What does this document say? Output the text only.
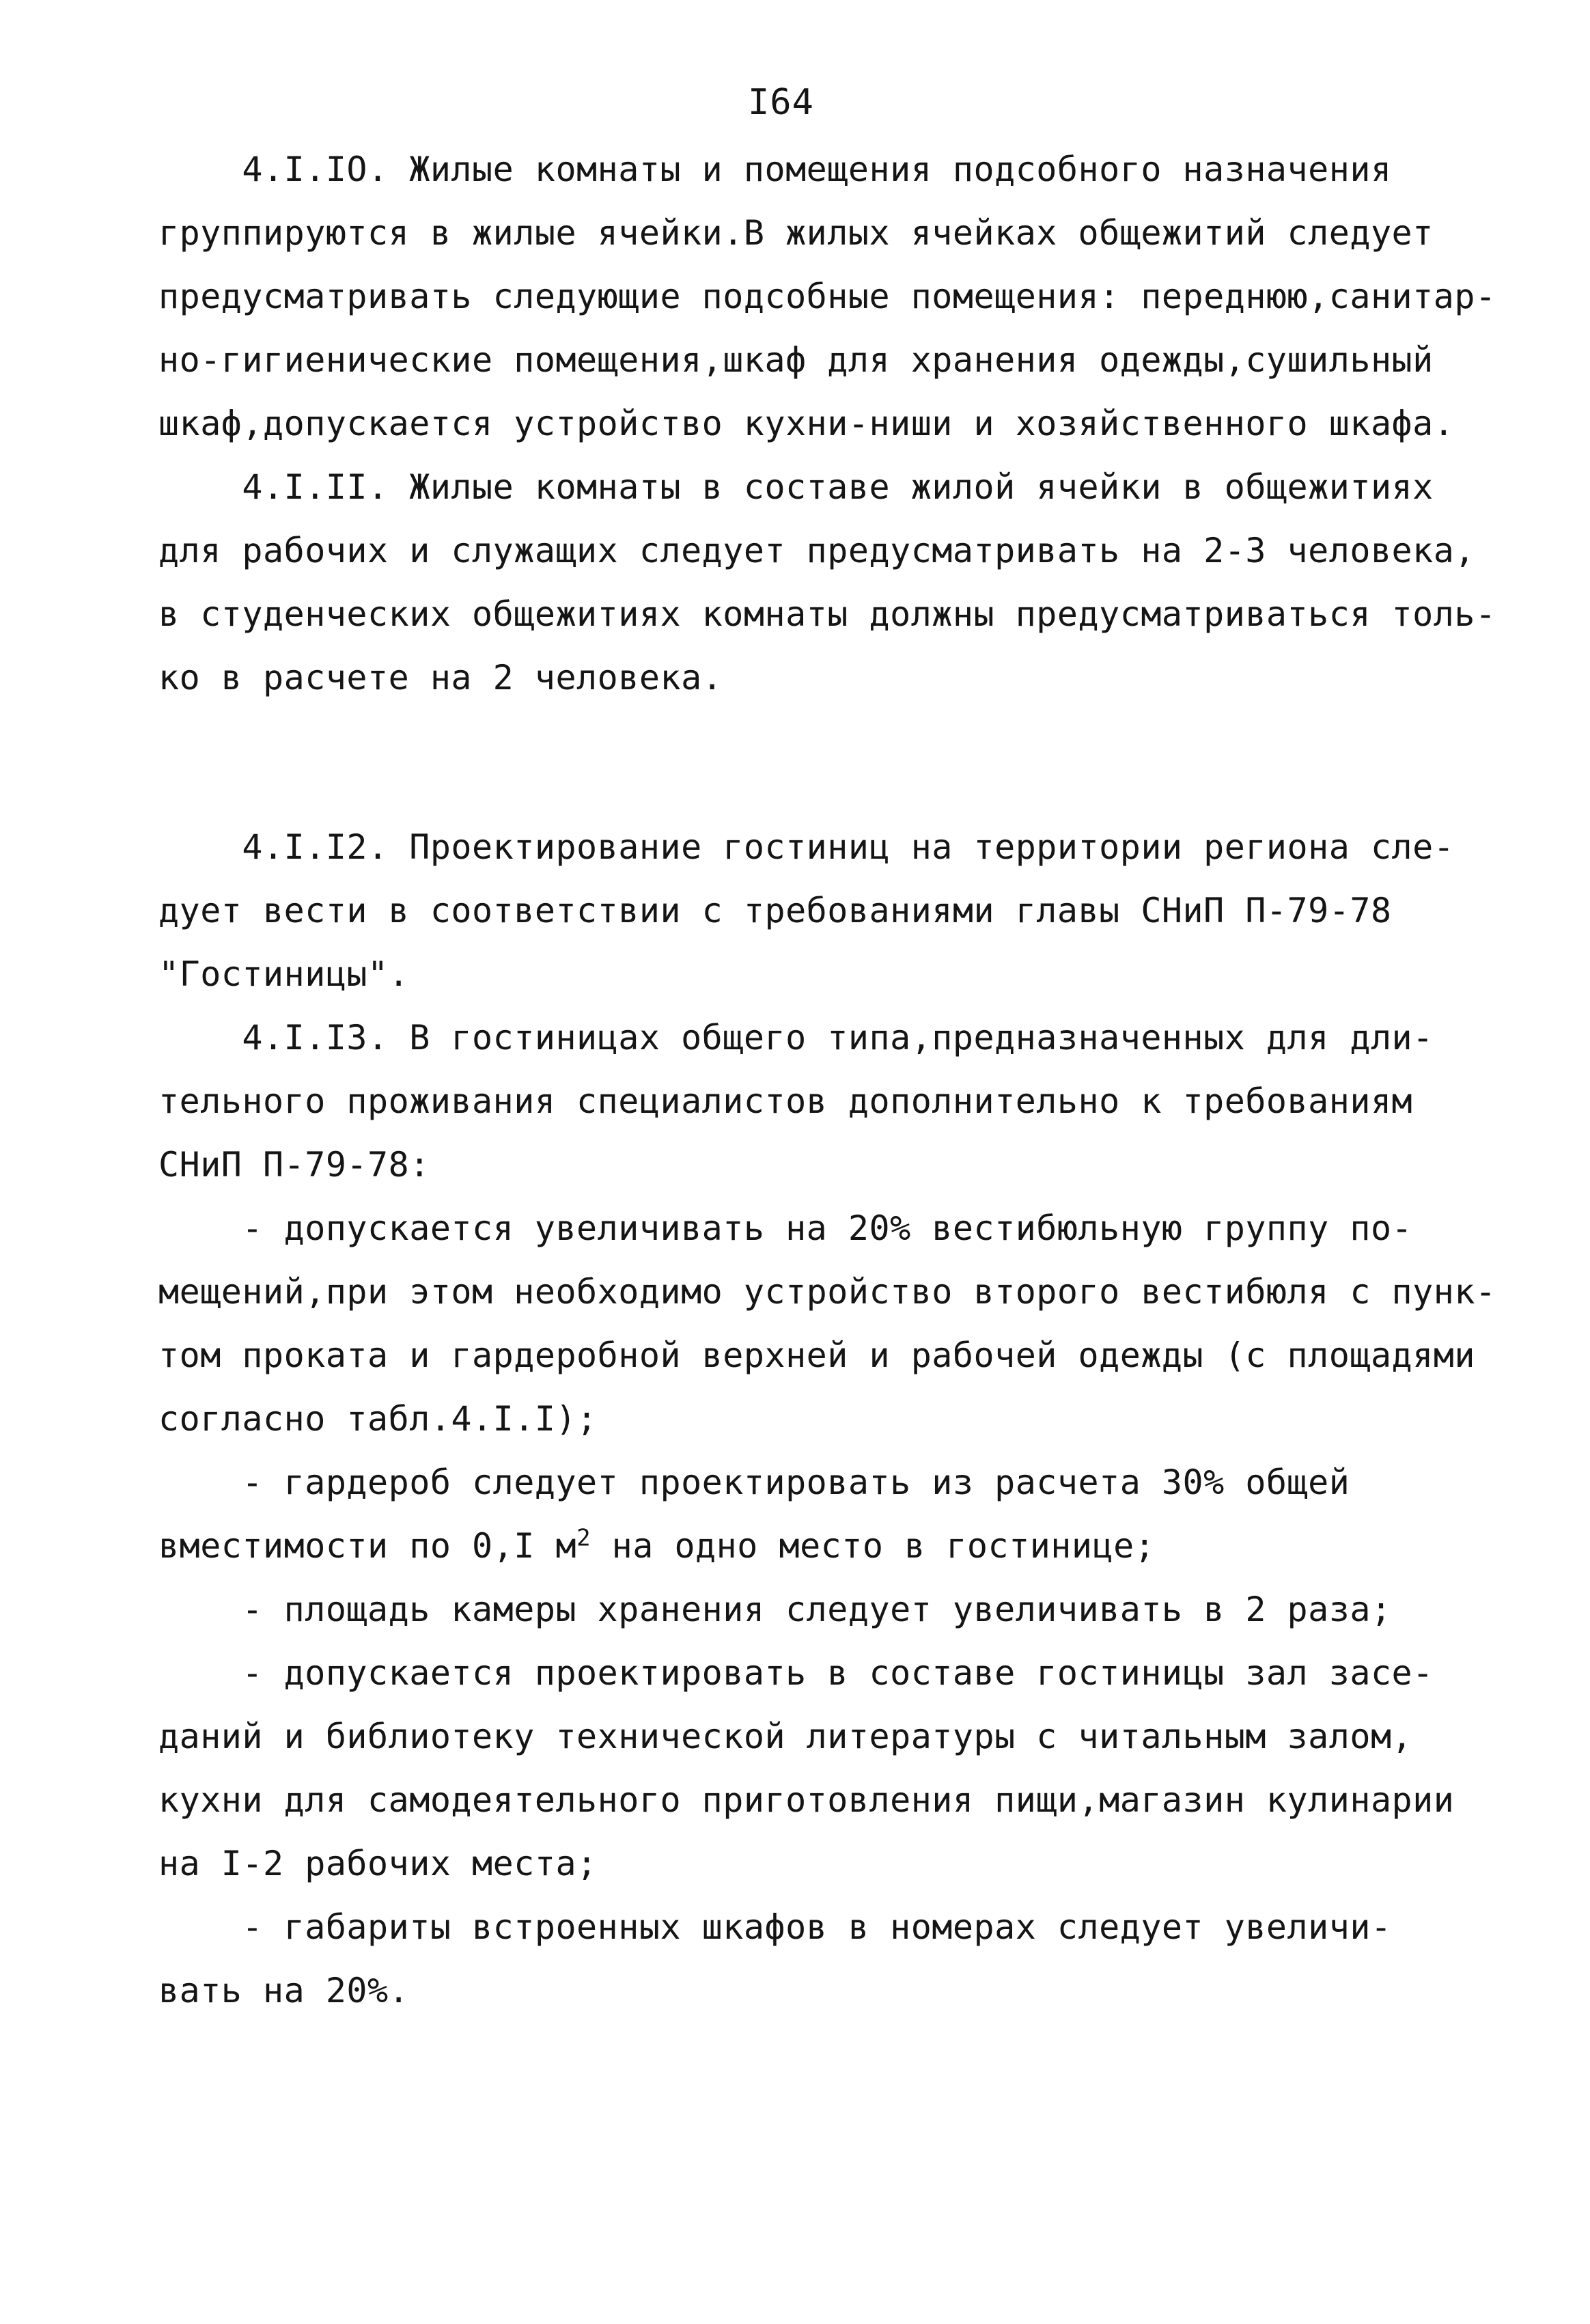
I64
4.I.IO. Жилые комнаты и помещения подсобного назначения
группируются в жилые ячейки.В жилых ячейках общежитий следует
предусматривать следующие подсобные помещения: переднюю,санитар-
но-гигиенические помещения,шкаф для хранения одежды,сушильный
шкаф,допускается устройство кухни-ниши и хозяйственного шкафа.
4.I.II. Жилые комнаты в составе жилой ячейки в общежитиях
для рабочих и служащих следует предусматривать на 2-3 человека,
в студенческих общежитиях комнаты должны предусматриваться толь-
ко в расчете на 2 человека.
4.I.I2. Проектирование гостиниц на территории региона сле-
дует вести в соответствии с требованиями главы СНиП П-79-78
"Гостиницы".
4.I.I3. В гостиницах общего типа,предназначенных для дли-
тельного проживания специалистов дополнительно к требованиям
СНиП П-79-78:
- допускается увеличивать на 20% вестибюльную группу по-
мещений,при этом необходимо устройство второго вестибюля с пунк-
том проката и гардеробной верхней и рабочей одежды (с площадями
согласно табл.4.I.I);
- гардероб следует проектировать из расчета 30% общей
вместимости по 0,I $м^2$ на одно место в гостинице;
- площадь камеры хранения следует увеличивать в 2 раза;
- допускается проектировать в составе гостиницы зал засе-
даний и библиотеку технической литературы с читальным залом,
кухни для самодеятельного приготовления пищи,магазин кулинарии
на I-2 рабочих места;
- габариты встроенных шкафов в номерах следует увеличи-
вать на 20%.
